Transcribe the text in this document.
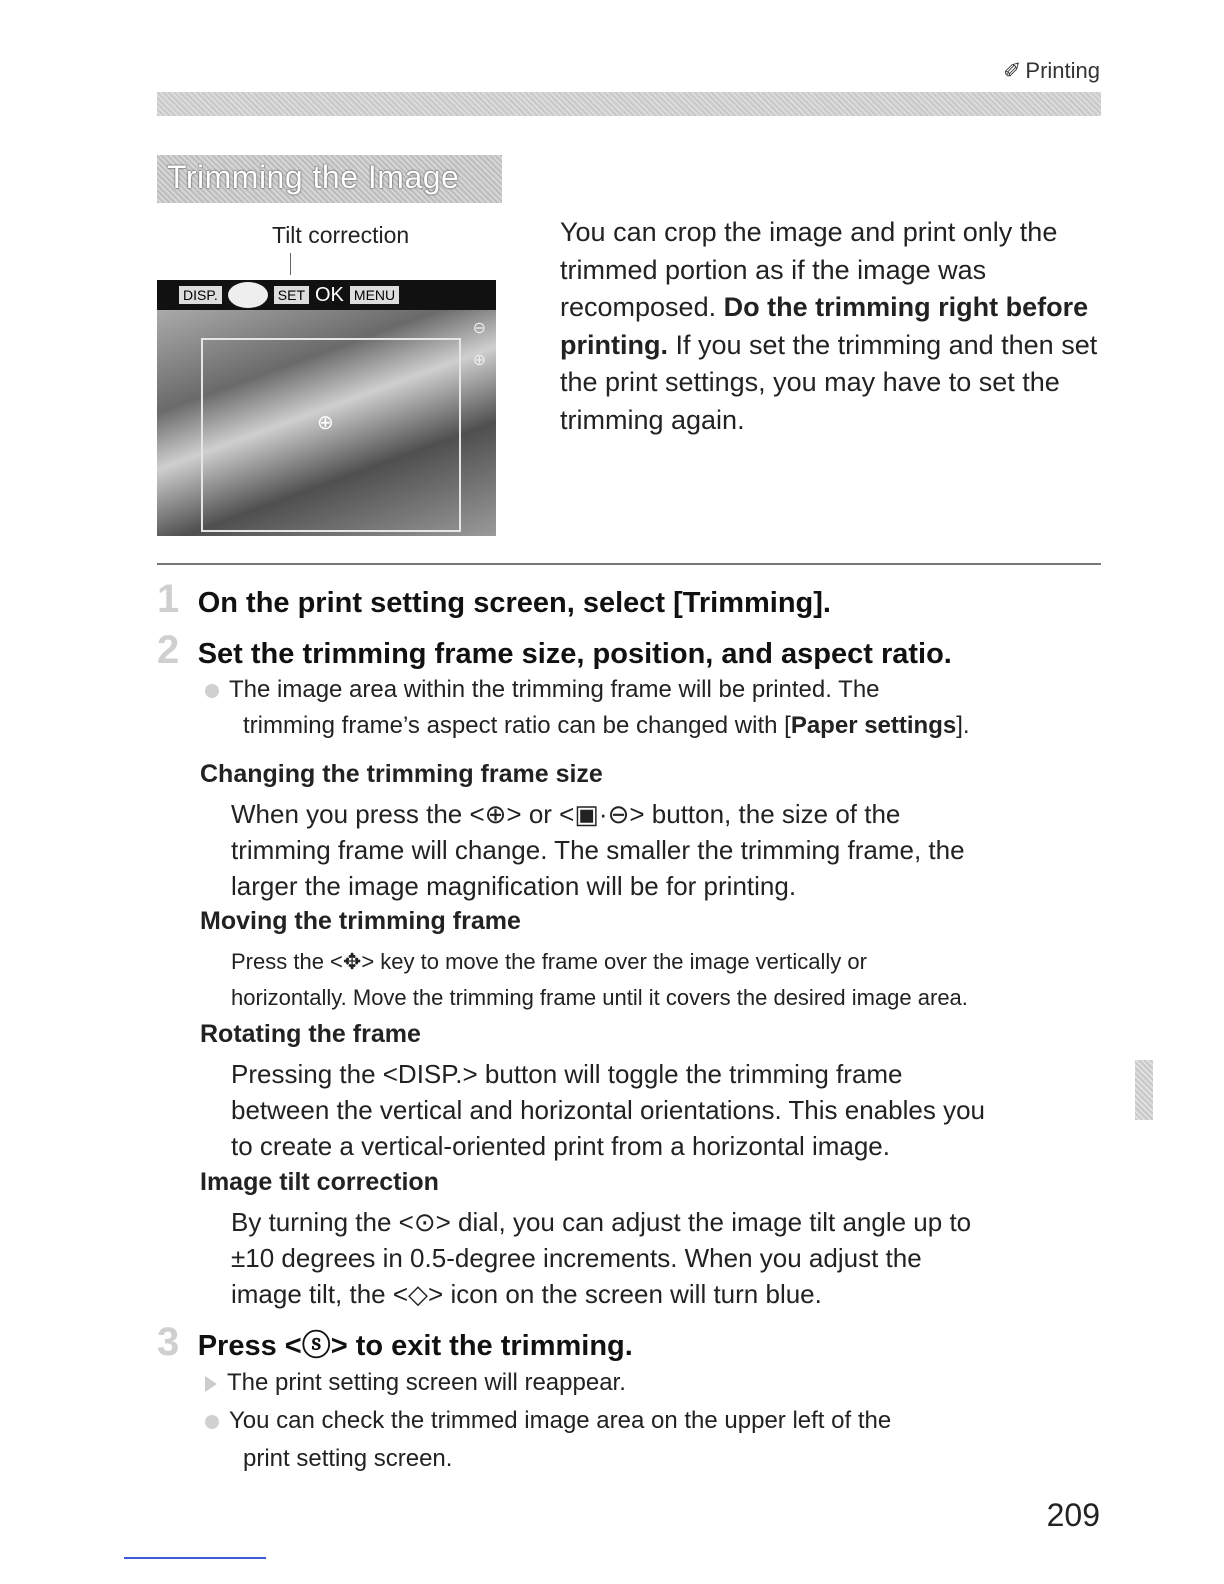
✐ Printing
Trimming the Image
Tilt correction
DISP.	SET OK MENU
⊕
⊖
⊕
You can crop the image and print only the trimmed portion as if the image was recomposed. Do the trimming right before printing. If you set the trimming and then set the print settings, you may have to set the trimming again.
1 On the print setting screen, select [Trimming].
2 Set the trimming frame size, position, and aspect ratio.
The image area within the trimming frame will be printed. The
trimming frame’s aspect ratio can be changed with [Paper settings].
Changing the trimming frame size
When you press the <⊕> or <▣·⊖> button, the size of the
trimming frame will change. The smaller the trimming frame, the
larger the image magnification will be for printing.
Moving the trimming frame
Press the <✥> key to move the frame over the image vertically or
horizontally. Move the trimming frame until it covers the desired image area.
Rotating the frame
Pressing the <DISP.> button will toggle the trimming frame
between the vertical and horizontal orientations. This enables you
to create a vertical-oriented print from a horizontal image.
Image tilt correction
By turning the <⊙> dial, you can adjust the image tilt angle up to
±10 degrees in 0.5-degree increments. When you adjust the
image tilt, the <◇> icon on the screen will turn blue.
3 Press <ⓢ> to exit the trimming.
The print setting screen will reappear.
You can check the trimmed image area on the upper left of the
print setting screen.
209
